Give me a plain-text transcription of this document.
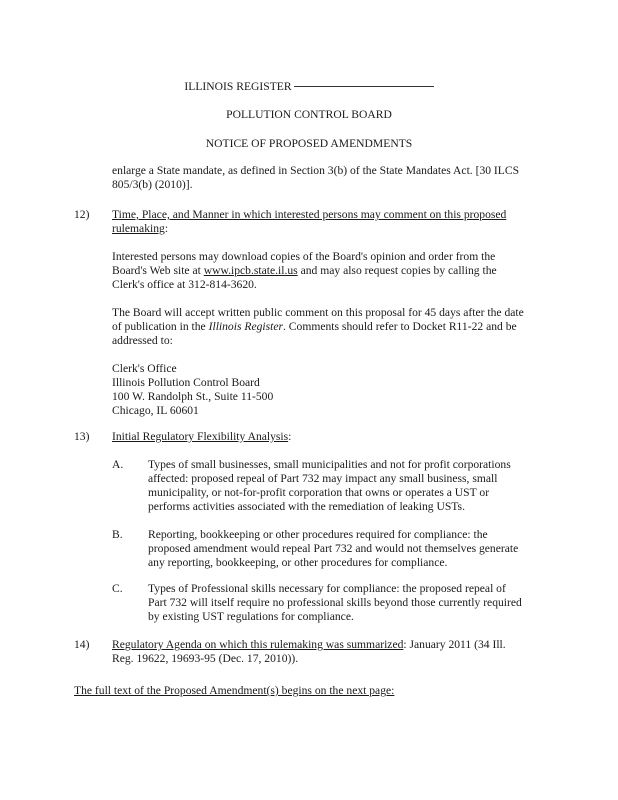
ILLINOIS REGISTER
POLLUTION CONTROL BOARD
NOTICE OF PROPOSED AMENDMENTS
enlarge a State mandate, as defined in Section 3(b) of the State Mandates Act. [30 ILCS
805/3(b) (2010)].
12) Time, Place, and Manner in which interested persons may comment on this proposed
rulemaking:
Interested persons may download copies of the Board's opinion and order from the
Board's Web site at www.ipcb.state.il.us and may also request copies by calling the
Clerk's office at 312-814-3620.
The Board will accept written public comment on this proposal for 45 days after the date
of publication in the Illinois Register. Comments should refer to Docket R11-22 and be
addressed to:
Clerk's Office
Illinois Pollution Control Board
100 W. Randolph St., Suite 11-500
Chicago, IL 60601
13) Initial Regulatory Flexibility Analysis:
A. Types of small businesses, small municipalities and not for profit corporations
affected: proposed repeal of Part 732 may impact any small business, small
municipality, or not-for-profit corporation that owns or operates a UST or
performs activities associated with the remediation of leaking USTs.
B. Reporting, bookkeeping or other procedures required for compliance: the
proposed amendment would repeal Part 732 and would not themselves generate
any reporting, bookkeeping, or other procedures for compliance.
C. Types of Professional skills necessary for compliance: the proposed repeal of
Part 732 will itself require no professional skills beyond those currently required
by existing UST regulations for compliance.
14) Regulatory Agenda on which this rulemaking was summarized: January 2011 (34 Ill.
Reg. 19622, 19693-95 (Dec. 17, 2010)).
The full text of the Proposed Amendment(s) begins on the next page:
